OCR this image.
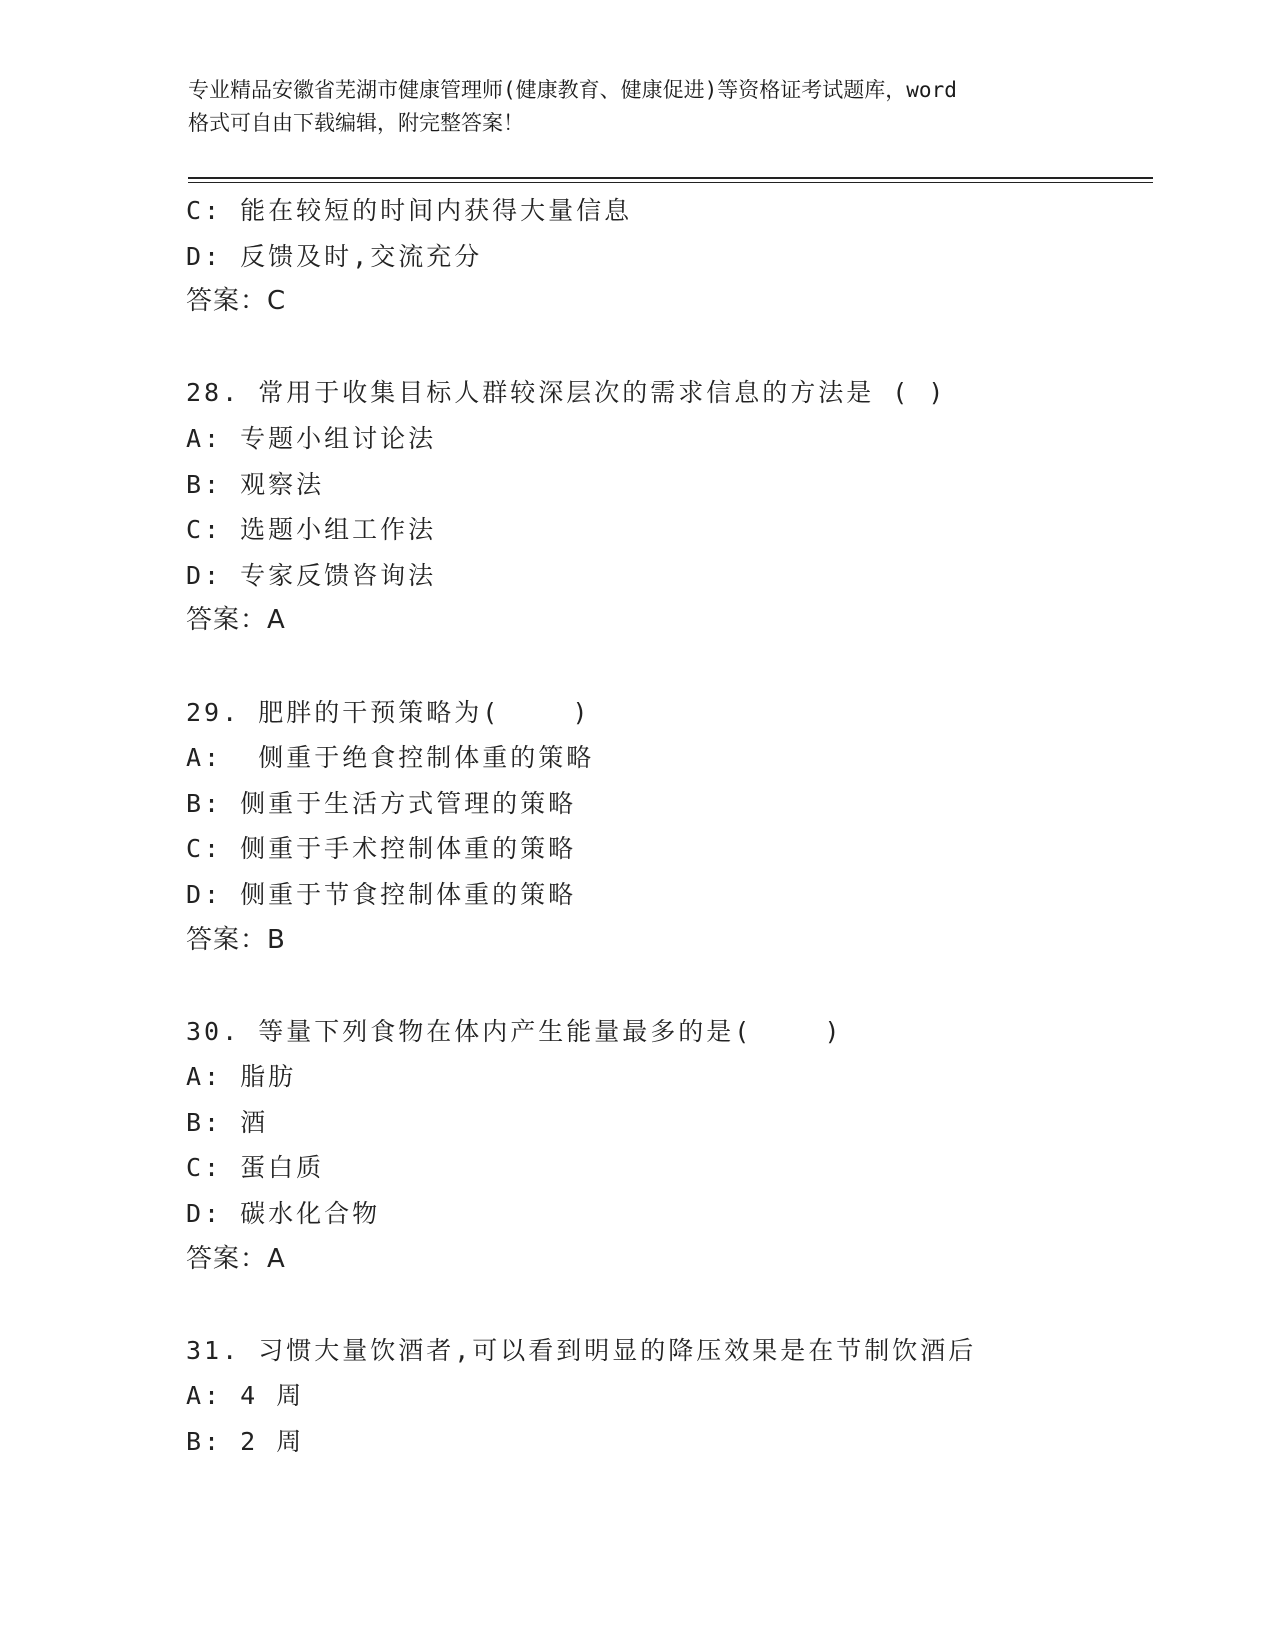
专业精品安徽省芜湖市健康管理师(健康教育、健康促进)等资格证考试题库，word
格式可自由下载编辑，附完整答案！
C: 能在较短的时间内获得大量信息
D: 反馈及时,交流充分
答案：C
28. 常用于收集目标人群较深层次的需求信息的方法是 ( )
A: 专题小组讨论法
B: 观察法
C: 选题小组工作法
D: 专家反馈咨询法
答案：A
29. 肥胖的干预策略为(    )
A:  侧重于绝食控制体重的策略
B: 侧重于生活方式管理的策略
C: 侧重于手术控制体重的策略
D: 侧重于节食控制体重的策略
答案：B
30. 等量下列食物在体内产生能量最多的是(    )
A: 脂肪
B: 酒
C: 蛋白质
D: 碳水化合物
答案：A
31. 习惯大量饮酒者,可以看到明显的降压效果是在节制饮酒后
A: 4 周
B: 2 周
